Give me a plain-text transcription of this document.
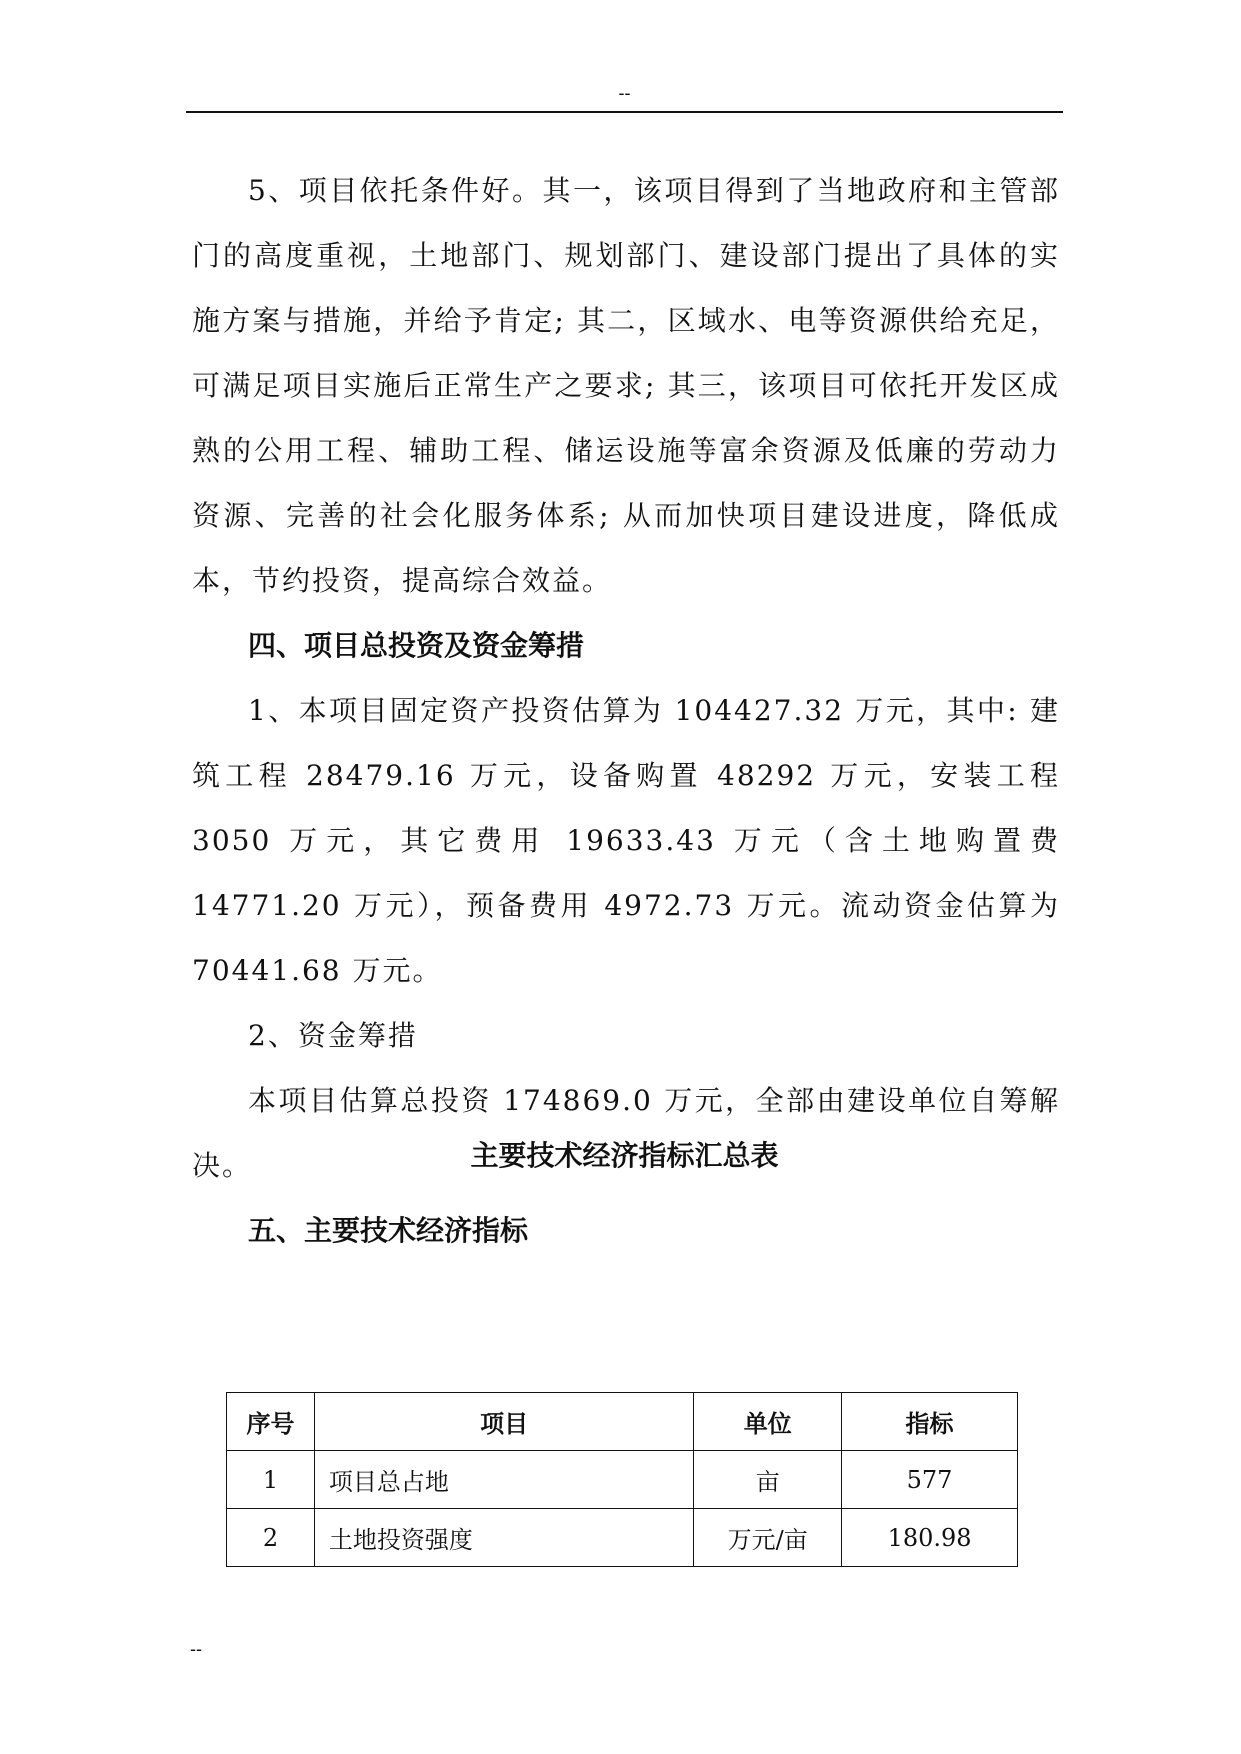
--

5、项目依托条件好。其一，该项目得到了当地政府和主管部门的高度重视，土地部门、规划部门、建设部门提出了具体的实施方案与措施，并给予肯定; 其二，区域水、电等资源供给充足，可满足项目实施后正常生产之要求; 其三，该项目可依托开发区成熟的公用工程、辅助工程、储运设施等富余资源及低廉的劳动力资源、完善的社会化服务体系; 从而加快项目建设进度，降低成本，节约投资，提高综合效益。

四、项目总投资及资金筹措

1、本项目固定资产投资估算为 104427.32 万元，其中: 建筑工程 28479.16 万元，设备购置 48292 万元，安装工程 3050 万元，其它费用 19633.43 万元（含土地购置费 14771.20 万元），预备费用 4972.73 万元。流动资金估算为 70441.68 万元。

2、资金筹措

本项目估算总投资 174869.0 万元，全部由建设单位自筹解决。

五、主要技术经济指标

主要技术经济指标汇总表
序号	项目	单位	指标
1	项目总占地	亩	577
2	土地投资强度	万元/亩	180.98
--
